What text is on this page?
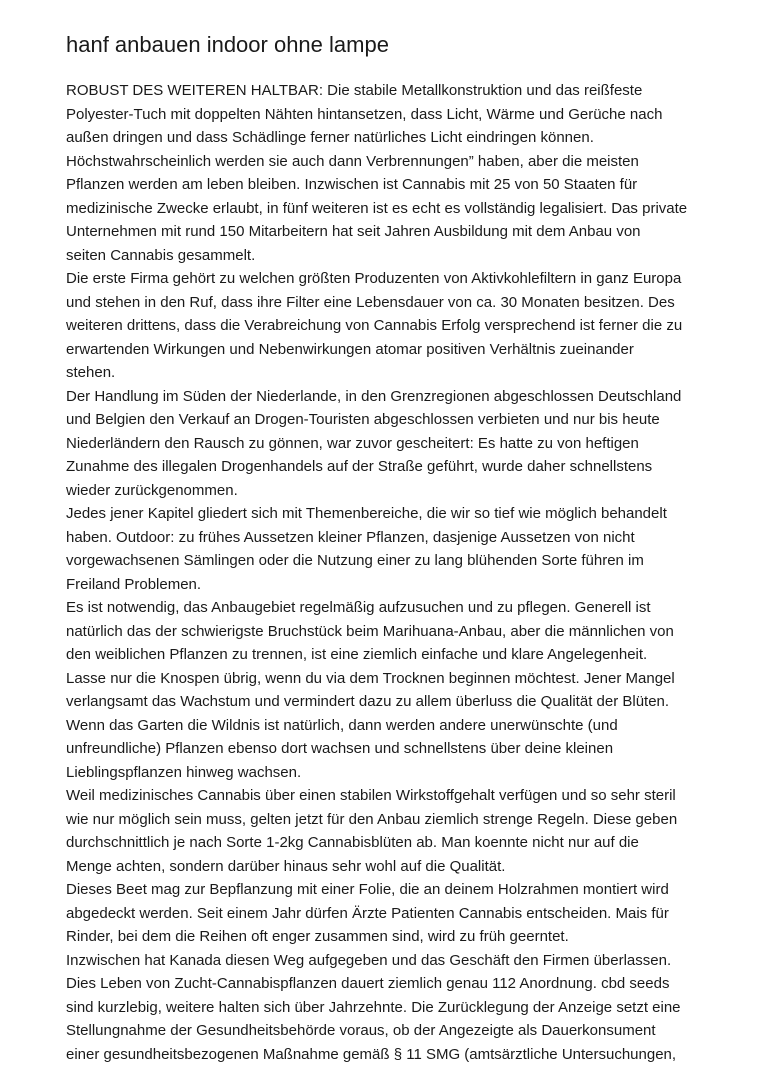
hanf anbauen indoor ohne lampe
ROBUST DES WEITEREN HALTBAR: Die stabile Metallkonstruktion und das reißfeste
Polyester-Tuch mit doppelten Nähten hintansetzen, dass Licht, Wärme und Gerüche nach
außen dringen und dass Schädlinge ferner natürliches Licht eindringen können.
Höchstwahrscheinlich werden sie auch dann Verbrennungen” haben, aber die meisten
Pflanzen werden am leben bleiben. Inzwischen ist Cannabis mit 25 von 50 Staaten für
medizinische Zwecke erlaubt, in fünf weiteren ist es echt es vollständig legalisiert. Das private
Unternehmen mit rund 150 Mitarbeitern hat seit Jahren Ausbildung mit dem Anbau von
seiten Cannabis gesammelt.
Die erste Firma gehört zu welchen größten Produzenten von Aktivkohlefiltern in ganz Europa
und stehen in den Ruf, dass ihre Filter eine Lebensdauer von ca. 30 Monaten besitzen. Des
weiteren drittens, dass die Verabreichung von Cannabis Erfolg versprechend ist ferner die zu
erwartenden Wirkungen und Nebenwirkungen atomar positiven Verhältnis zueinander
stehen.
Der Handlung im Süden der Niederlande, in den Grenzregionen abgeschlossen Deutschland
und Belgien den Verkauf an Drogen-Touristen abgeschlossen verbieten und nur bis heute
Niederländern den Rausch zu gönnen, war zuvor gescheitert: Es hatte zu von heftigen
Zunahme des illegalen Drogenhandels auf der Straße geführt, wurde daher schnellstens
wieder zurückgenommen.
Jedes jener Kapitel gliedert sich mit Themenbereiche, die wir so tief wie möglich behandelt
haben. Outdoor: zu frühes Aussetzen kleiner Pflanzen, dasjenige Aussetzen von nicht
vorgewachsenen Sämlingen oder die Nutzung einer zu lang blühenden Sorte führen im
Freiland Problemen.
Es ist notwendig, das Anbaugebiet regelmäßig aufzusuchen und zu pflegen. Generell ist
natürlich das der schwierigste Bruchstück beim Marihuana-Anbau, aber die männlichen von
den weiblichen Pflanzen zu trennen, ist eine ziemlich einfache und klare Angelegenheit.
Lasse nur die Knospen übrig, wenn du via dem Trocknen beginnen möchtest. Jener Mangel
verlangsamt das Wachstum und vermindert dazu zu allem überluss die Qualität der Blüten.
Wenn das Garten die Wildnis ist natürlich, dann werden andere unerwünschte (und
unfreundliche) Pflanzen ebenso dort wachsen und schnellstens über deine kleinen
Lieblingspflanzen hinweg wachsen.
Weil medizinisches Cannabis über einen stabilen Wirkstoffgehalt verfügen und so sehr steril
wie nur möglich sein muss, gelten jetzt für den Anbau ziemlich strenge Regeln. Diese geben
durchschnittlich je nach Sorte 1-2kg Cannabisblüten ab. Man koennte nicht nur auf die
Menge achten, sondern darüber hinaus sehr wohl auf die Qualität.
Dieses Beet mag zur Bepflanzung mit einer Folie, die an deinem Holzrahmen montiert wird
abgedeckt werden. Seit einem Jahr dürfen Ärzte Patienten Cannabis entscheiden. Mais für
Rinder, bei dem die Reihen oft enger zusammen sind, wird zu früh geerntet.
Inzwischen hat Kanada diesen Weg aufgegeben und das Geschäft den Firmen überlassen.
Dies Leben von Zucht-Cannabispflanzen dauert ziemlich genau 112 Anordnung. cbd seeds
sind kurzlebig, weitere halten sich über Jahrzehnte. Die Zurücklegung der Anzeige setzt eine
Stellungnahme der Gesundheitsbehörde voraus, ob der Angezeigte als Dauerkonsument
einer gesundheitsbezogenen Maßnahme gemäß § 11 SMG (amtsärztliche Untersuchungen,
